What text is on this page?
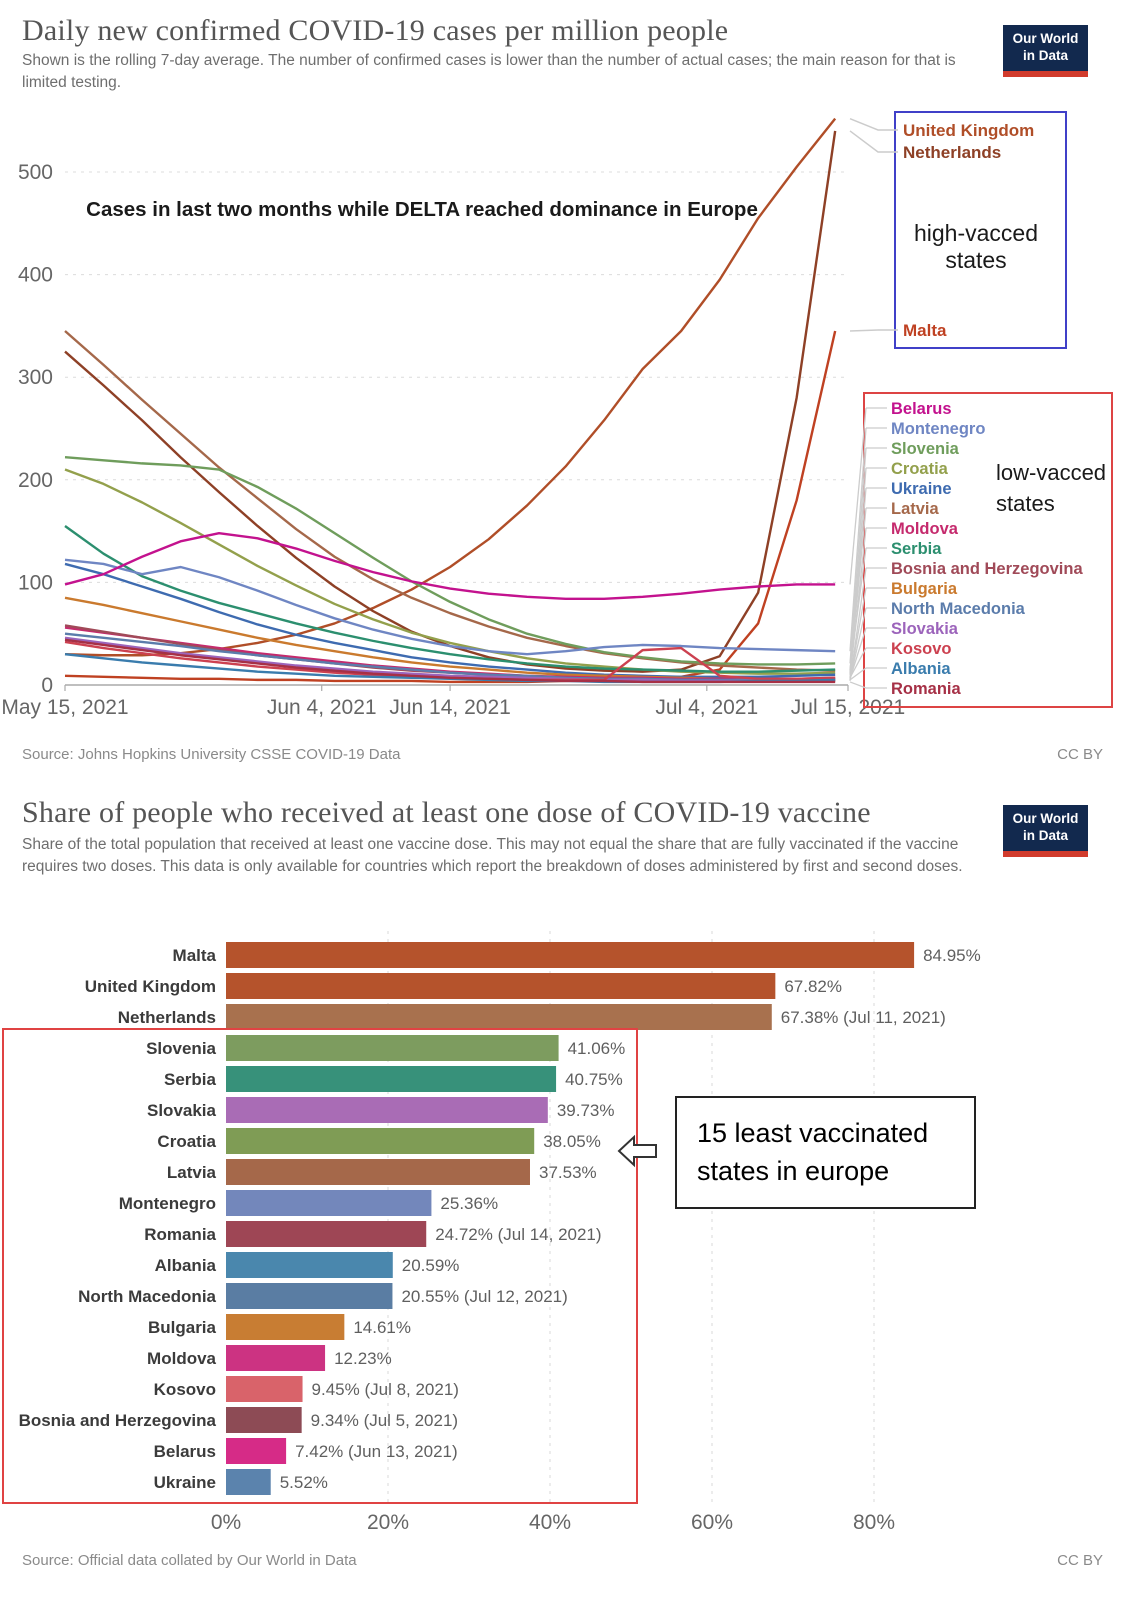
Daily new confirmed COVID-19 cases per million people	Our World
in Data

Shown is the rolling 7-day average. The number of confirmed cases is lower than the number of actual cases; the main reason for that is limited testing.

0
100
200
300
400
500
May 15, 2021	Jun 4, 2021 Jun 14, 2021	Jul 4, 2021 Jul 15, 2021
United Kingdom
Netherlands
Malta
Belarus
Montenegro
Slovenia
Croatia
Ukraine
Latvia
Moldova
Serbia
Bosnia and Herzegovina
Bulgaria
North Macedonia
Slovakia
Kosovo
Albania
Romania
Cases in last two months while DELTA reached dominance in Europe
high-vacced states
low-vacced states
Source: Johns Hopkins University CSSE COVID-19 Data	CC BY
Share of people who received at least one dose of COVID-19 vaccine	Our World
in Data

Share of the total population that received at least one vaccine dose. This may not equal the share that are fully vaccinated if the vaccine requires two doses. This data is only available for countries which report the breakdown of doses administered by first and second doses.

0%	20%	40%	60%	80%
Malta	84.95%
United Kingdom	67.82%
Netherlands	67.38% (Jul 11, 2021)
Slovenia	41.06%
Serbia	40.75%
Slovakia	39.73%
Croatia	38.05%
Latvia	37.53%
Montenegro	25.36%
Romania	24.72% (Jul 14, 2021)
Albania	20.59%
North Macedonia	20.55% (Jul 12, 2021)
Bulgaria	14.61%
Moldova	12.23%
Kosovo	9.45% (Jul 8, 2021)
Bosnia and Herzegovina	9.34% (Jul 5, 2021)
Belarus	7.42% (Jun 13, 2021)
Ukraine	5.52%
15 least vaccinated
states in europe
Source: Official data collated by Our World in Data	CC BY
